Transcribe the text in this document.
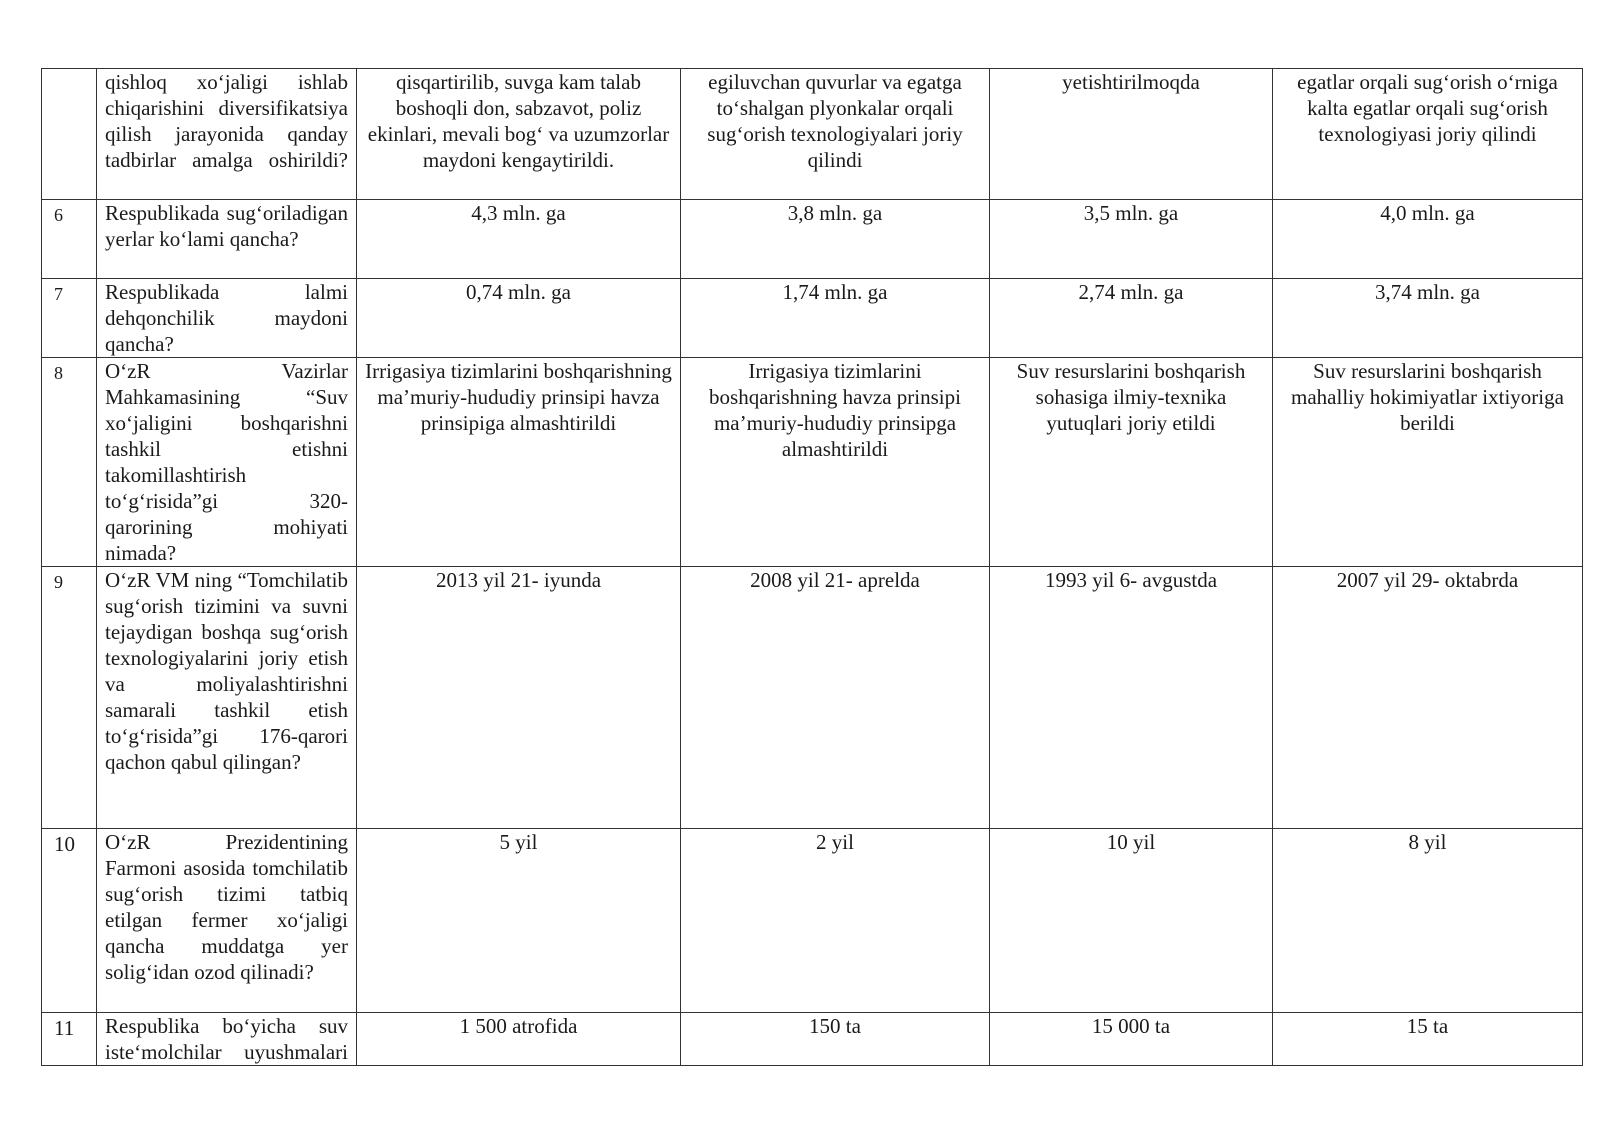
	qishloq xo‘jaligi ishlab chiqarishini diversifikatsiya qilish jarayonida qanday tadbirlar amalga oshirildi?	qisqartirilib, suvga kam talab boshoqli don, sabzavot, poliz ekinlari, mevali bog‘ va uzumzorlar maydoni kengaytirildi.	egiluvchan quvurlar va egatga to‘shalgan plyonkalar orqali sug‘orish texnologiyalari joriy qilindi	yetishtirilmoqda	egatlar orqali sug‘orish o‘rniga kalta egatlar orqali sug‘orish texnologiyasi joriy qilindi
6	Respublikada sug‘oriladigan yerlar ko‘lami qancha?	4,3 mln. ga	3,8 mln. ga	3,5 mln. ga	4,0 mln. ga
7	Respublikada lalmi dehqonchilik maydoni qancha?	0,74 mln. ga	1,74 mln. ga	2,74 mln. ga	3,74 mln. ga
8	O‘zR Vazirlar Mahkamasining “Suv xo‘jaligini boshqarishni tashkil etishni takomillashtirish to‘g‘risida”gi 320-qarorining mohiyati nimada?	Irrigasiya tizimlarini boshqarishning ma’muriy-hududiy prinsipi havza prinsipiga almashtirildi	Irrigasiya tizimlarini boshqarishning havza prinsipi ma’muriy-hududiy prinsipga almashtirildi	Suv resurslarini boshqarish sohasiga ilmiy-texnika yutuqlari joriy etildi	Suv resurslarini boshqarish mahalliy hokimiyatlar ixtiyoriga berildi
9	O‘zR VM ning “Tomchilatib sug‘orish tizimini va suvni tejaydigan boshqa sug‘orish texnologiyalarini joriy etish va moliyalashtirishni samarali tashkil etish to‘g‘risida”gi 176-qarori qachon qabul qilingan?	2013 yil 21- iyunda	2008 yil 21- aprelda	1993 yil 6- avgustda	2007 yil 29- oktabrda
10	O‘zR Prezidentining Farmoni asosida tomchilatib sug‘orish tizimi tatbiq etilgan fermer xo‘jaligi qancha muddatga yer solig‘idan ozod qilinadi?	5 yil	2 yil	10 yil	8 yil
11	Respublika bo‘yicha suv iste‘molchilar uyushmalari	1 500 atrofida	150 ta	15 000 ta	15 ta
